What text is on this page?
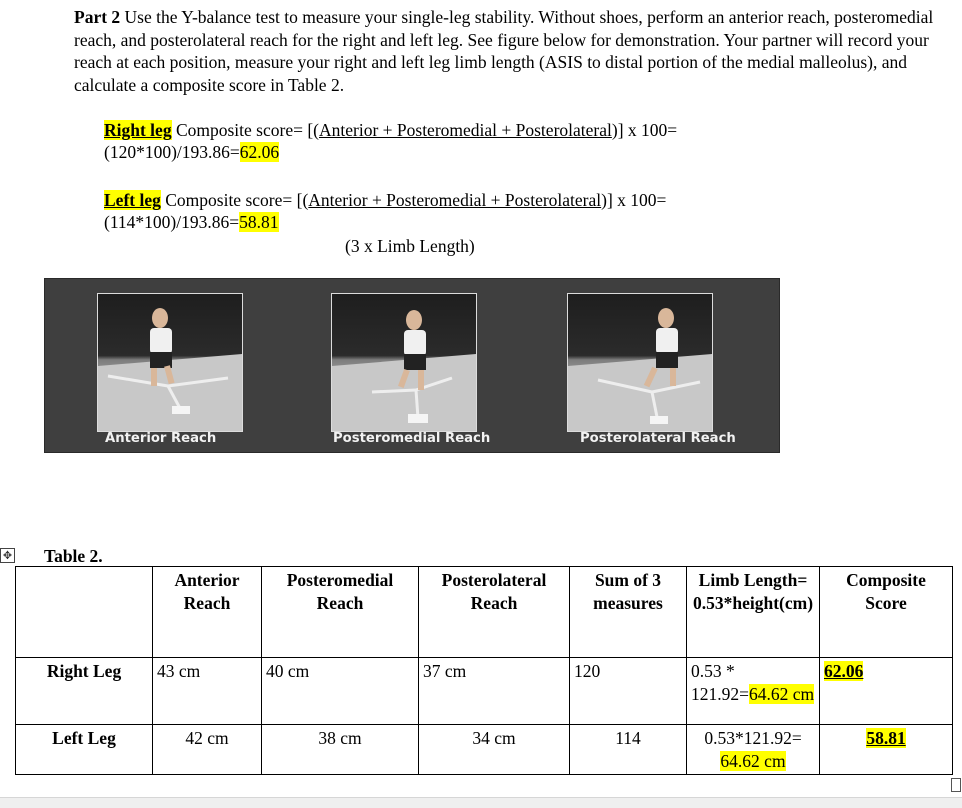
Part 2 Use the Y-balance test to measure your single-leg stability. Without shoes, perform an anterior reach, posteromedial reach, and posterolateral reach for the right and left leg. See figure below for demonstration. Your partner will record your reach at each position, measure your right and left leg limb length (ASIS to distal portion of the medial malleolus), and calculate a composite score in Table 2.
Right leg Composite score= [(Anterior + Posteromedial + Posterolateral)] x 100=
(120*100)/193.86=62.06
Left leg Composite score= [(Anterior + Posteromedial + Posterolateral)] x 100=
(114*100)/193.86=58.81
(3 x Limb Length)
Anterior Reach	Posteromedial Reach	Posterolateral Reach
✥ Table 2.
	Anterior Reach	Posteromedial Reach	Posterolateral Reach	Sum of 3 measures	Limb Length= 0.53*height(cm)	Composite Score
Right Leg	43 cm	40 cm	37 cm	120	0.53 * 121.92=64.62 cm	62.06
Left Leg	42 cm	38 cm	34 cm	114	0.53*121.92= 64.62 cm	58.81
